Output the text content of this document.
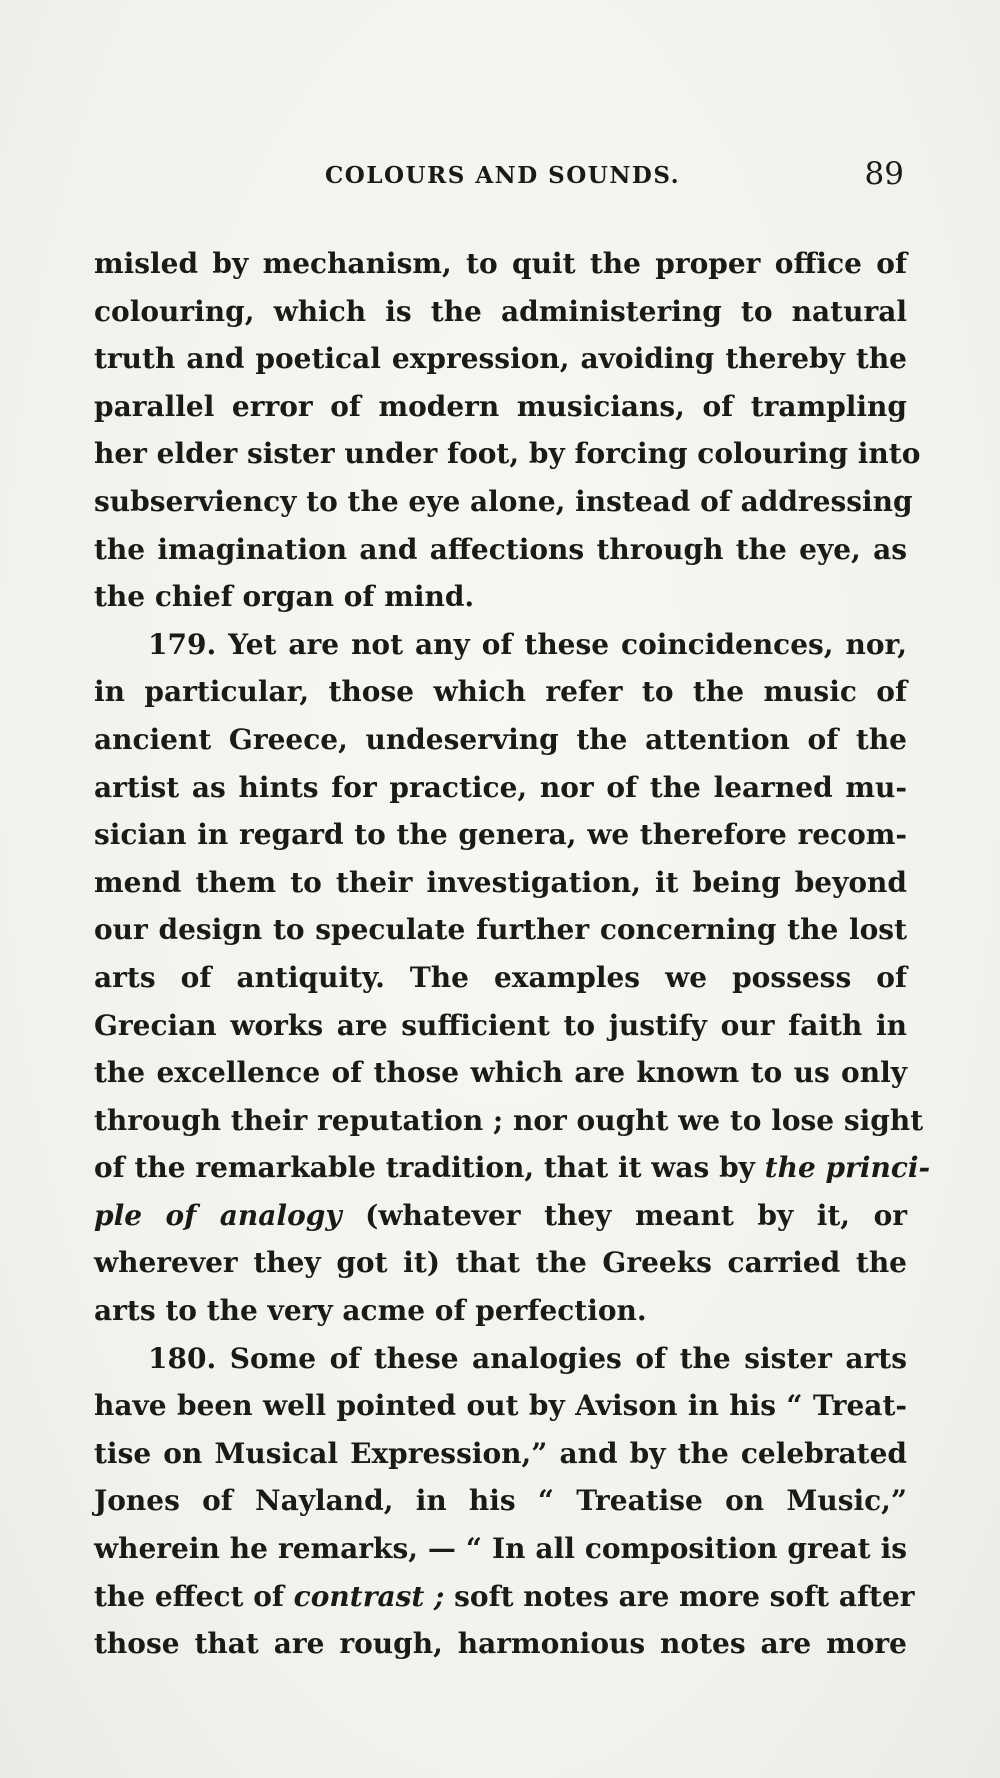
COLOURS AND SOUNDS.	89
misled by mechanism, to quit the proper office of
colouring, which is the administering to natural
truth and poetical expression, avoiding thereby the
parallel error of modern musicians, of trampling
her elder sister under foot, by forcing colouring into
subserviency to the eye alone, instead of addressing
the imagination and affections through the eye, as
the chief organ of mind.
179. Yet are not any of these coincidences, nor,
in particular, those which refer to the music of
ancient Greece, undeserving the attention of the
artist as hints for practice, nor of the learned mu-
sician in regard to the genera, we therefore recom-
mend them to their investigation, it being beyond
our design to speculate further concerning the lost
arts of antiquity. The examples we possess of
Grecian works are sufficient to justify our faith in
the excellence of those which are known to us only
through their reputation ; nor ought we to lose sight
of the remarkable tradition, that it was by the princi-
ple of analogy (whatever they meant by it, or
wherever they got it) that the Greeks carried the
arts to the very acme of perfection.
180. Some of these analogies of the sister arts
have been well pointed out by Avison in his “ Treat-
tise on Musical Expression,” and by the celebrated
Jones of Nayland, in his “ Treatise on Music,”
wherein he remarks, — “ In all composition great is
the effect of contrast ; soft notes are more soft after
those that are rough, harmonious notes are more
